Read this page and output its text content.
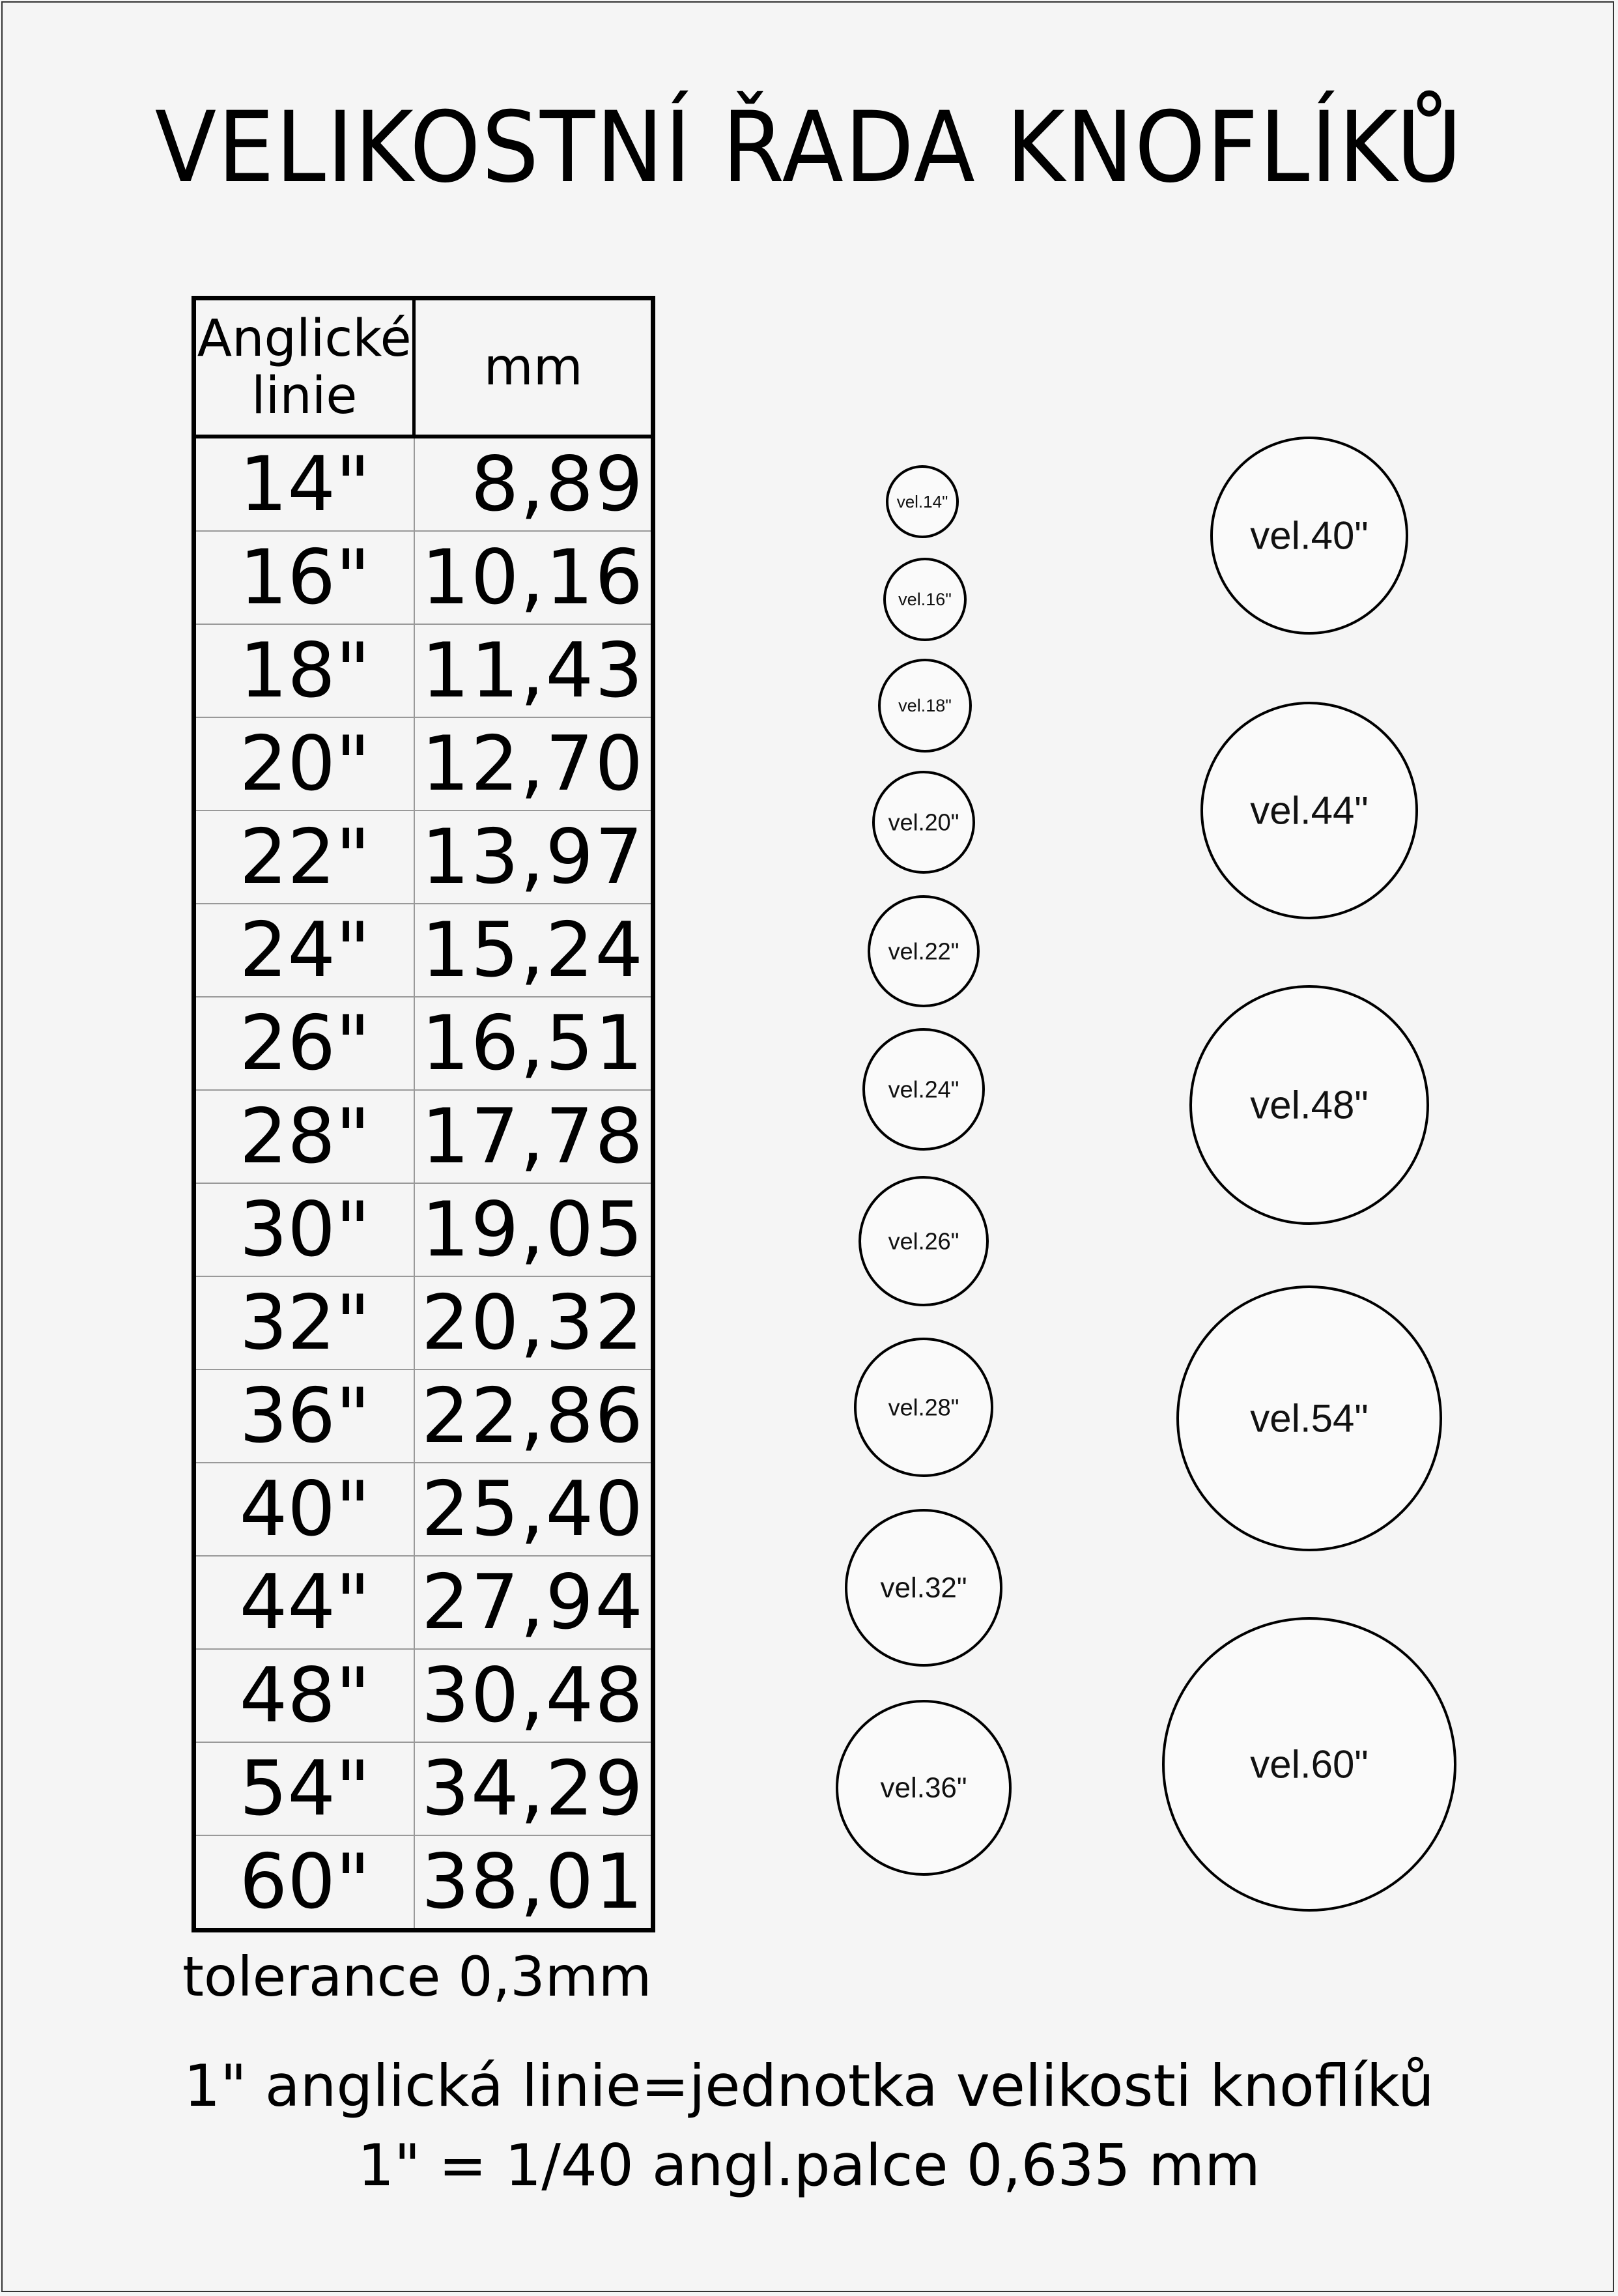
VELIKOSTNÍ ŘADA KNOFLÍKŮ
Anglické
linie	mm
14"	8,89
16"	10,16
18"	11,43
20"	12,70
22"	13,97
24"	15,24
26"	16,51
28"	17,78
30"	19,05
32"	20,32
36"	22,86
40"	25,40
44"	27,94
48"	30,48
54"	34,29
60"	38,01
vel.14"
vel.16"
vel.18"
vel.20"
vel.22"
vel.24"
vel.26"
vel.28"
vel.32"
vel.36"
vel.40"
vel.44"
vel.48"
vel.54"
vel.60"
tolerance 0,3mm
1" anglická linie=jednotka velikosti knoflíků
1" = 1/40 angl.palce 0,635 mm
